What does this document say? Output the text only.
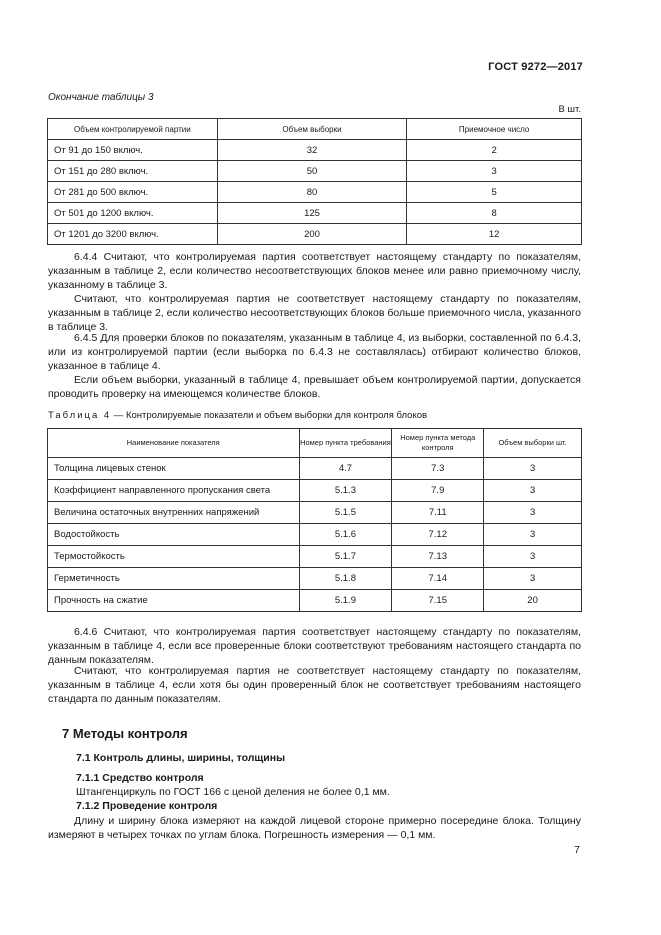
ГОСТ 9272—2017
Окончание таблицы 3
В шт.
Объем контролируемой партии	Объем выборки	Приемочное число
От 91 до 150 включ.	32	2
От 151 до 280 включ.	50	3
От 281 до 500 включ.	80	5
От 501 до 1200 включ.	125	8
От 1201 до 3200 включ.	200	12
6.4.4 Считают, что контролируемая партия соответствует настоящему стандарту по показателям, указанным в таблице 2, если количество несоответствующих блоков менее или равно приемочному числу, указанному в таблице 3.
Считают, что контролируемая партия не соответствует настоящему стандарту по показателям, указанным в таблице 2, если количество несоответствующих блоков больше приемочного числа, указанного в таблице 3.
6.4.5 Для проверки блоков по показателям, указанным в таблице 4, из выборки, составленной по 6.4.3, или из контролируемой партии (если выборка по 6.4.3 не составлялась) отбирают количество блоков, указанное в таблице 4.
Если объем выборки, указанный в таблице 4, превышает объем контролируемой партии, допускается проводить проверку на имеющемся количестве блоков.
Таблица 4 — Контролируемые показатели и объем выборки для контроля блоков
Наименование показателя	Номер пункта требования	Номер пункта метода контроля	Объем выборки шт.
Толщина лицевых стенок	4.7	7.3	3
Коэффициент направленного пропускания света	5.1.3	7.9	3
Величина остаточных внутренних напряжений	5.1.5	7.11	3
Водостойкость	5.1.6	7.12	3
Термостойкость	5.1.7	7.13	3
Герметичность	5.1.8	7.14	3
Прочность на сжатие	5.1.9	7.15	20
6.4.6 Считают, что контролируемая партия соответствует настоящему стандарту по показателям, указанным в таблице 4, если все проверенные блоки соответствуют требованиям настоящего стандарта по данным показателям.
Считают, что контролируемая партия не соответствует настоящему стандарту по показателям, указанным в таблице 4, если хотя бы один проверенный блок не соответствует требованиям настоящего стандарта по данным показателям.
7 Методы контроля
7.1 Контроль длины, ширины, толщины
7.1.1 Средство контроля
Штангенциркуль по ГОСТ 166 с ценой деления не более 0,1 мм.
7.1.2 Проведение контроля
Длину и ширину блока измеряют на каждой лицевой стороне примерно посередине блока. Толщину измеряют в четырех точках по углам блока. Погрешность измерения — 0,1 мм.
7
